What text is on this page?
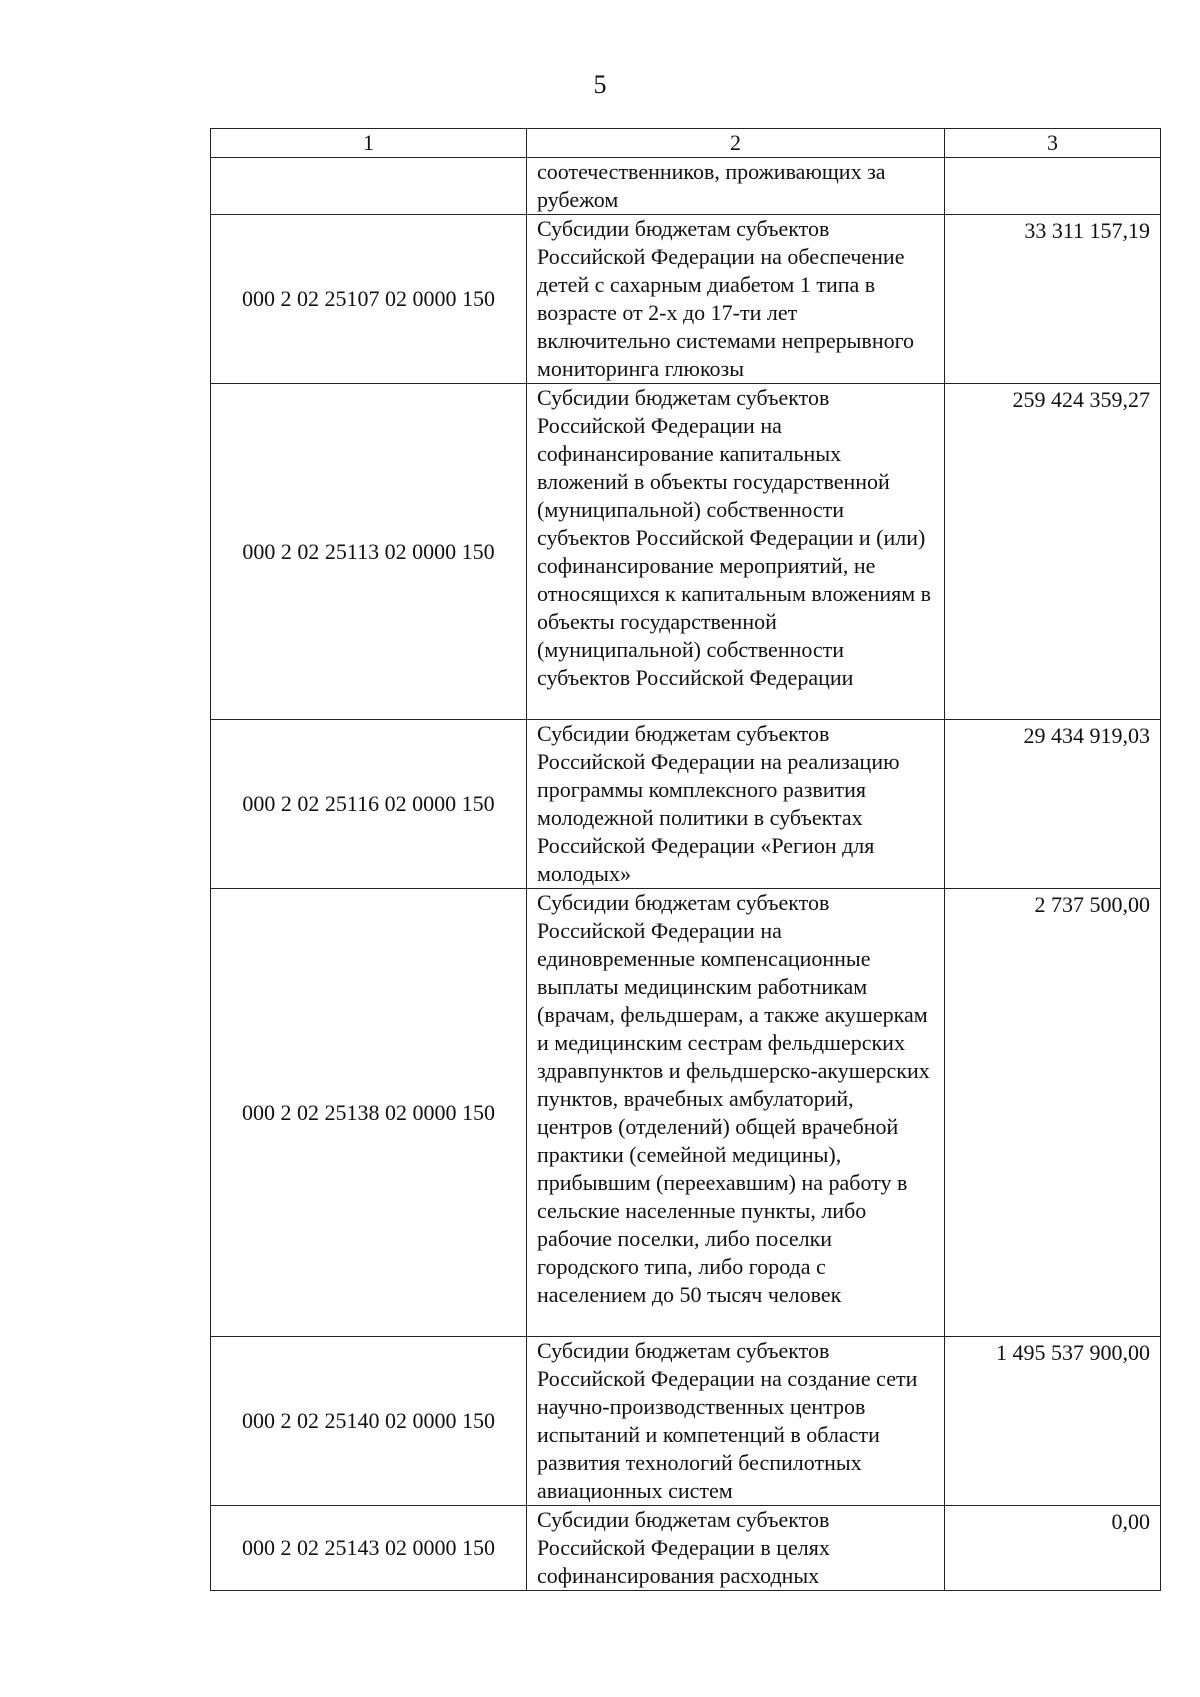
5
1	2	3
	соотечественников, проживающих за рубежом	
000 2 02 25107 02 0000 150	Субсидии бюджетам субъектов Российской Федерации на обеспечение детей с сахарным диабетом 1 типа в возрасте от 2-х до 17-ти лет включительно системами непрерывного мониторинга глюкозы	33 311 157,19
000 2 02 25113 02 0000 150	Субсидии бюджетам субъектов Российской Федерации на софинансирование капитальных вложений в объекты государственной (муниципальной) собственности субъектов Российской Федерации и (или) софинансирование мероприятий, не относящихся к капитальным вложениям в объекты государственной (муниципальной) собственности субъектов Российской Федерации	259 424 359,27
000 2 02 25116 02 0000 150	Субсидии бюджетам субъектов Российской Федерации на реализацию программы комплексного развития молодежной политики в субъектах Российской Федерации «Регион для молодых»	29 434 919,03
000 2 02 25138 02 0000 150	Субсидии бюджетам субъектов Российской Федерации на единовременные компенсационные выплаты медицинским работникам (врачам, фельдшерам, а также акушеркам и медицинским сестрам фельдшерских здравпунктов и фельдшерско-акушерских пунктов, врачебных амбулаторий, центров (отделений) общей врачебной практики (семейной медицины), прибывшим (переехавшим) на работу в сельские населенные пункты, либо рабочие поселки, либо поселки городского типа, либо города с населением до 50 тысяч человек	2 737 500,00
000 2 02 25140 02 0000 150	Субсидии бюджетам субъектов Российской Федерации на создание сети научно-производственных центров испытаний и компетенций в области развития технологий беспилотных авиационных систем	1 495 537 900,00
000 2 02 25143 02 0000 150	Субсидии бюджетам субъектов Российской Федерации в целях софинансирования расходных	0,00
